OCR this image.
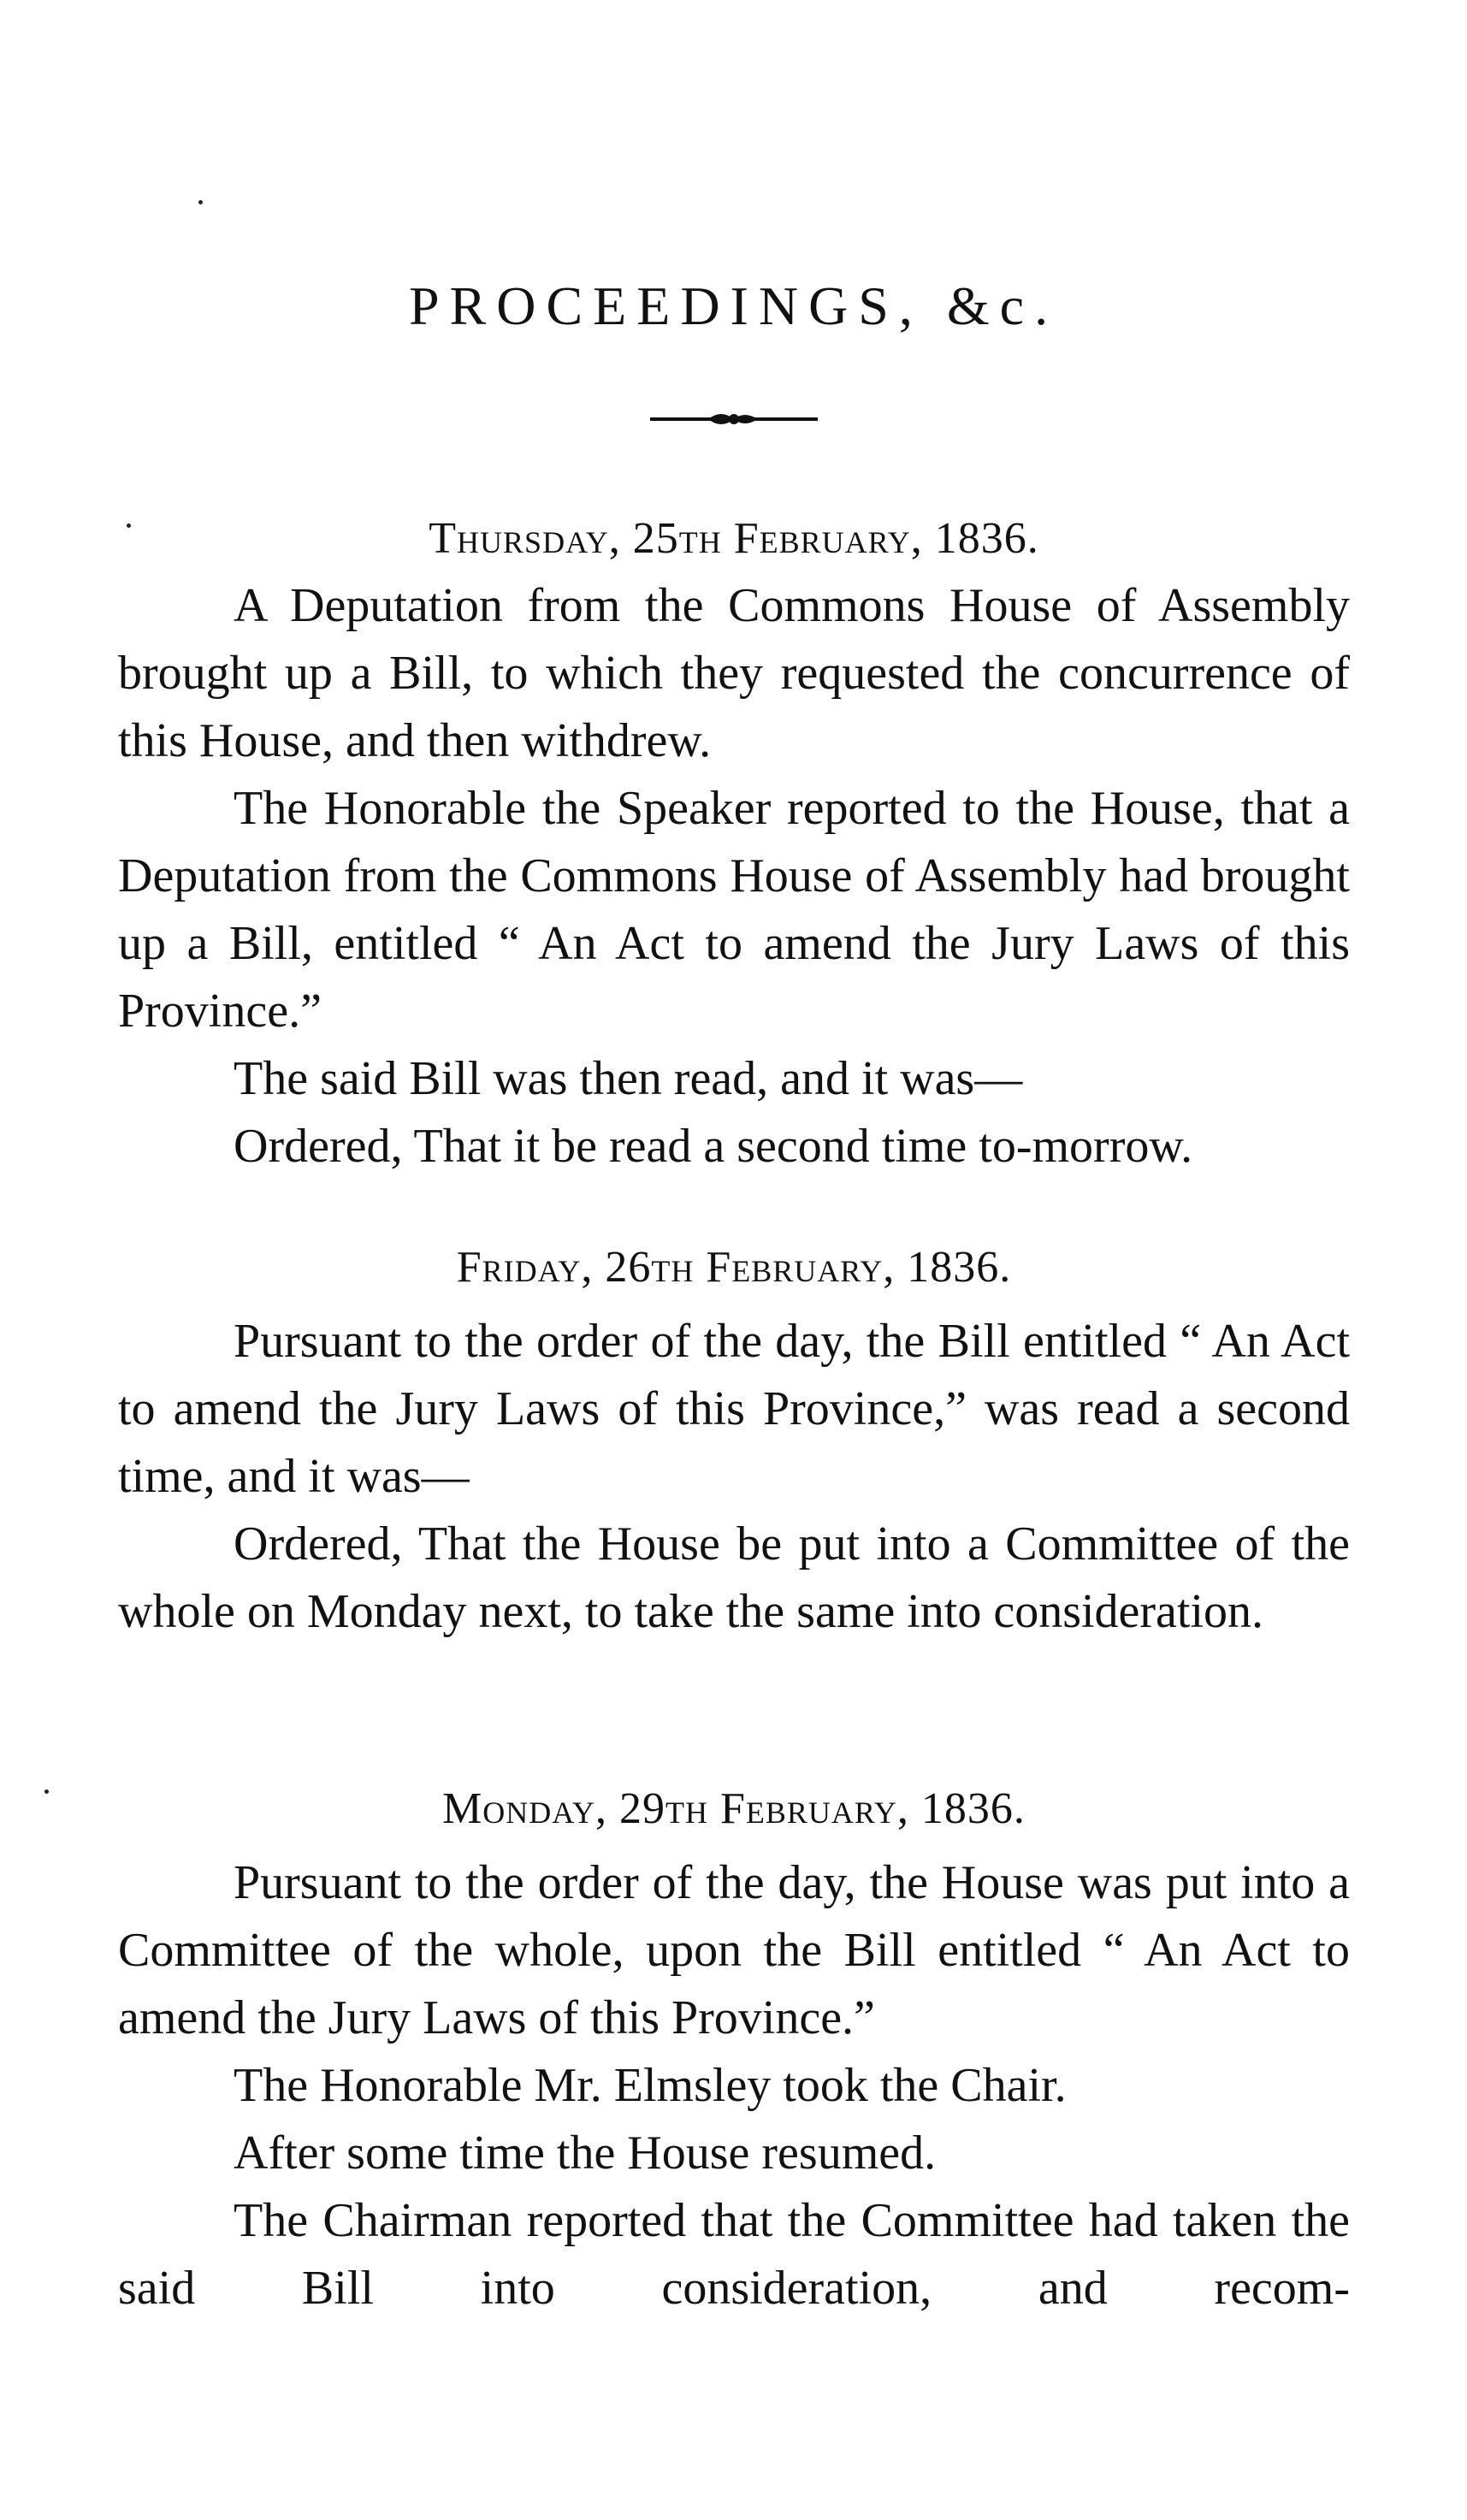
PROCEEDINGS, &c.
Thursday, 25th February, 1836.

A Deputation from the Commons House of Assembly brought up a Bill, to which they requested the concurrence of this House, and then withdrew.

The Honorable the Speaker reported to the House, that a Deputation from the Commons House of Assembly had brought up a Bill, entitled “ An Act to amend the Jury Laws of this Province.”

The said Bill was then read, and it was—

Ordered, That it be read a second time to-morrow.

Friday, 26th February, 1836.

Pursuant to the order of the day, the Bill entitled “ An Act to amend the Jury Laws of this Province,” was read a second time, and it was—

Ordered, That the House be put into a Committee of the whole on Monday next, to take the same into consideration.

Monday, 29th February, 1836.

Pursuant to the order of the day, the House was put into a Committee of the whole, upon the Bill entitled “ An Act to amend the Jury Laws of this Province.”

The Honorable Mr. Elmsley took the Chair.

After some time the House resumed.

The Chairman reported that the Committee had taken the said Bill into consideration, and recom-
